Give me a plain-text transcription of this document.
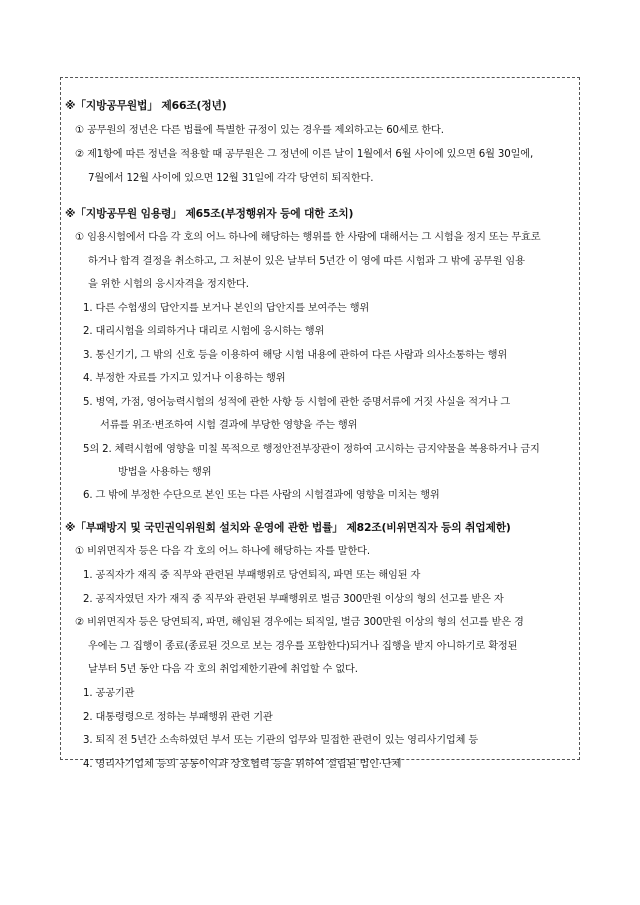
※「지방공무원법」 제66조(정년)
① 공무원의 정년은 다른 법률에 특별한 규정이 있는 경우를 제외하고는 60세로 한다.
② 제1항에 따른 정년을 적용할 때 공무원은 그 정년에 이른 날이 1월에서 6월 사이에 있으면 6월 30일에,
7월에서 12월 사이에 있으면 12월 31일에 각각 당연히 퇴직한다.
※「지방공무원 임용령」 제65조(부정행위자 등에 대한 조치)
① 임용시험에서 다음 각 호의 어느 하나에 해당하는 행위를 한 사람에 대해서는 그 시험을 정지 또는 무효로
하거나 합격 결정을 취소하고, 그 처분이 있은 날부터 5년간 이 영에 따른 시험과 그 밖에 공무원 임용
을 위한 시험의 응시자격을 정지한다.
1. 다른 수험생의 답안지를 보거나 본인의 답안지를 보여주는 행위
2. 대리시험을 의뢰하거나 대리로 시험에 응시하는 행위
3. 통신기기, 그 밖의 신호 등을 이용하여 해당 시험 내용에 관하여 다른 사람과 의사소통하는 행위
4. 부정한 자료를 가지고 있거나 이용하는 행위
5. 병역, 가점, 영어능력시험의 성적에 관한 사항 등 시험에 관한 증명서류에 거짓 사실을 적거나 그
서류를 위조·변조하여 시험 결과에 부당한 영향을 주는 행위
5의 2. 체력시험에 영향을 미칠 목적으로 행정안전부장관이 정하여 고시하는 금지약물을 복용하거나 금지
방법을 사용하는 행위
6. 그 밖에 부정한 수단으로 본인 또는 다른 사람의 시험결과에 영향을 미치는 행위
※「부패방지 및 국민권익위원회 설치와 운영에 관한 법률」 제82조(비위면직자 등의 취업제한)
① 비위면직자 등은 다음 각 호의 어느 하나에 해당하는 자를 말한다.
1. 공직자가 재직 중 직무와 관련된 부패행위로 당연퇴직, 파면 또는 해임된 자
2. 공직자였던 자가 재직 중 직무와 관련된 부패행위로 벌금 300만원 이상의 형의 선고를 받은 자
② 비위면직자 등은 당연퇴직, 파면, 해임된 경우에는 퇴직일, 벌금 300만원 이상의 형의 선고를 받은 경
우에는 그 집행이 종료(종료된 것으로 보는 경우를 포함한다)되거나 집행을 받지 아니하기로 확정된
날부터 5년 동안 다음 각 호의 취업제한기관에 취업할 수 없다.
1. 공공기관
2. 대통령령으로 정하는 부패행위 관련 기관
3. 퇴직 전 5년간 소속하였던 부서 또는 기관의 업무와 밀접한 관련이 있는 영리사기업체 등
4. 영리사기업체 등의 공동이익과 상호협력 등을 위하여 설립된 법인·단체
